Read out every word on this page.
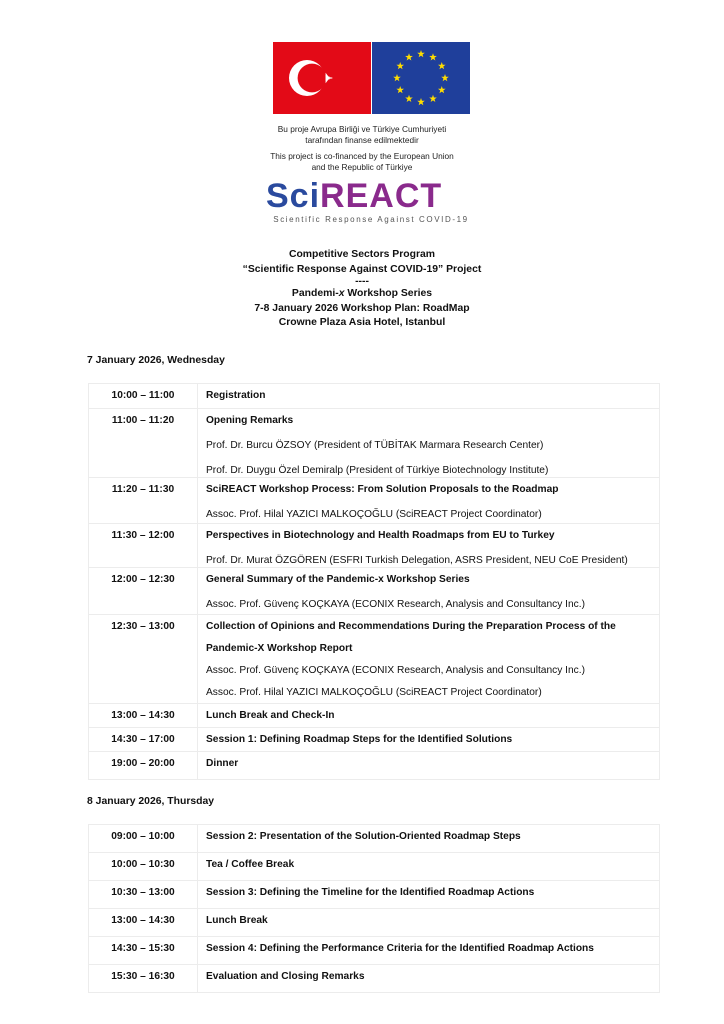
Bu proje Avrupa Birliği ve Türkiye Cumhuriyeti
tarafından finanse edilmektedir
This project is co-financed by the European Union
and the Republic of Türkiye
SciREACT
Scientific Response Against COVID-19
Competitive Sectors Program
“Scientific Response Against COVID-19” Project
----
Pandemi-x Workshop Series
7-8 January 2026 Workshop Plan: RoadMap
Crowne Plaza Asia Hotel, Istanbul
7 January 2026, Wednesday
10:00 – 11:00	Registration

11:00 – 11:20	Opening Remarks
Prof. Dr. Burcu ÖZSOY (President of TÜBİTAK Marmara Research Center)
Prof. Dr. Duygu Özel Demiralp (President of Türkiye Biotechnology Institute)

11:20 – 11:30	SciREACT Workshop Process: From Solution Proposals to the Roadmap
Assoc. Prof. Hilal YAZICI MALKOÇOĞLU (SciREACT Project Coordinator)

11:30 – 12:00	Perspectives in Biotechnology and Health Roadmaps from EU to Turkey
Prof. Dr. Murat ÖZGÖREN (ESFRI Turkish Delegation, ASRS President, NEU CoE President)

12:00 – 12:30	General Summary of the Pandemic-x Workshop Series
Assoc. Prof. Güvenç KOÇKAYA (ECONIX Research, Analysis and Consultancy Inc.)

12:30 – 13:00	Collection of Opinions and Recommendations During the Preparation Process of the
Pandemic-X Workshop Report
Assoc. Prof. Güvenç KOÇKAYA (ECONIX Research, Analysis and Consultancy Inc.)
Assoc. Prof. Hilal YAZICI MALKOÇOĞLU (SciREACT Project Coordinator)

13:00 – 14:30	Lunch Break and Check-In

14:30 – 17:00	Session 1: Defining Roadmap Steps for the Identified Solutions

19:00 – 20:00	Dinner
8 January 2026, Thursday
09:00 – 10:00	Session 2: Presentation of the Solution-Oriented Roadmap Steps

10:00 – 10:30	Tea / Coffee Break

10:30 – 13:00	Session 3: Defining the Timeline for the Identified Roadmap Actions

13:00 – 14:30	Lunch Break

14:30 – 15:30	Session 4: Defining the Performance Criteria for the Identified Roadmap Actions

15:30 – 16:30	Evaluation and Closing Remarks
